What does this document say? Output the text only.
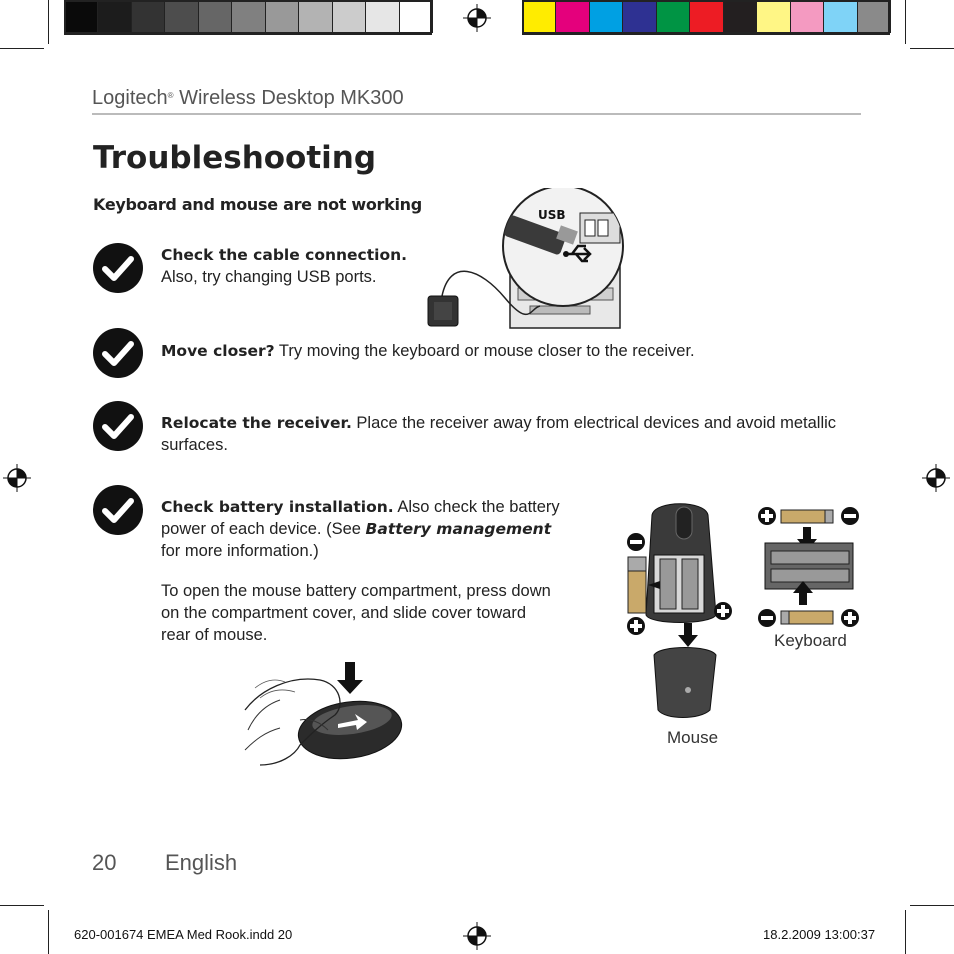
Logitech® Wireless Desktop MK300
Troubleshooting
Keyboard and mouse are not working
Check the cable connection.
Also, try changing USB ports.
USB
Move closer? Try moving the keyboard or mouse closer to the receiver.
Relocate the receiver. Place the receiver away from electrical devices and avoid metallic surfaces.
Check battery installation. Also check the battery power of each device. (See Battery management for more information.)
To open the mouse battery compartment, press down on the compartment cover, and slide cover toward rear of mouse.
Mouse
Keyboard
20 English
620-001674 EMEA Med Rook.indd 20	18.2.2009 13:00:37
